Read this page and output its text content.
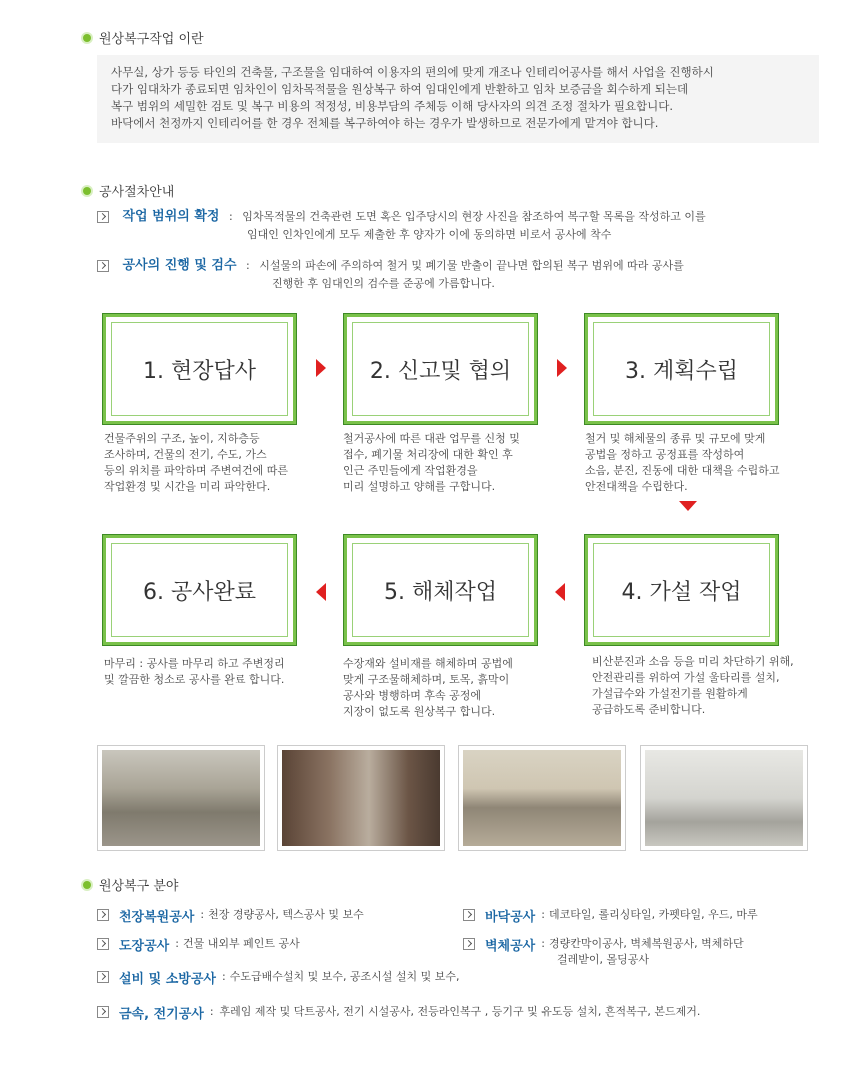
원상복구작업 이란
사무실, 상가 등등 타인의 건축물, 구조물을 임대하여 이용자의 편의에 맞게 개조나 인테리어공사를 해서 사업을 진행하시
다가 임대차가 종료되면 임차인이 임차목적물을 원상복구 하여 임대인에게 반환하고 임차 보증금을 회수하게 되는데
복구 범위의 세밀한 검토 및 복구 비용의 적정성, 비용부담의 주체등 이해 당사자의 의견 조정 절차가 필요합니다.
바닥에서 천정까지 인테리어를 한 경우 전체를 복구하여야 하는 경우가 발생하므로 전문가에게 맡겨야 합니다.
공사절차안내
작업 범위의 확정 : 임차목적물의 건축관련 도면 혹은 입주당시의 현장 사진을 참조하여 복구할 목록을 작성하고 이를
임대인 인차인에게 모두 제출한 후 양자가 이에 동의하면 비로서 공사에 착수
공사의 진행 및 검수 : 시설물의 파손에 주의하여 철거 및 폐기물 반출이 끝나면 합의된 복구 범위에 따라 공사를
진행한 후 임대인의 검수를 준공에 가름합니다.
1. 현장답사	2. 신고및 협의	3. 계획수립
건물주위의 구조, 높이, 지하층등
조사하며, 건물의 전기, 수도, 가스
등의 위치를 파악하며 주변여건에 따른
작업환경 및 시간을 미리 파악한다.
철거공사에 따른 대관 업무를 신청 및
접수, 폐기물 처리장에 대한 확인 후
인근 주민들에게 작업환경을
미리 설명하고 양해를 구합니다.
철거 및 해체물의 종류 및 규모에 맞게
공법을 정하고 공정표를 작성하여
소음, 분진, 진동에 대한 대책을 수립하고
안전대책을 수립한다.
6. 공사완료	5. 해체작업	4. 가설 작업
마무리 : 공사를 마무리 하고 주변정리
및 깔끔한 청소로 공사를 완료 합니다.
수장재와 설비재를 해체하며 공법에
맞게 구조물해체하며, 토목, 흙막이
공사와 병행하며 후속 공정에
지장이 없도록 원상복구 합니다.
비산분진과 소음 등을 미리 차단하기 위해,
안전관리를 위하여 가설 울타리를 설치,
가설급수와 가설전기를 원활하게
공급하도록 준비합니다.
원상복구 분야
천장복원공사 : 천장 경량공사, 텍스공사 및 보수	바닥공사 : 데코타일, 롤리싱타일, 카펫타일, 우드, 마루
도장공사 : 건물 내외부 페인트 공사	벽체공사 : 경량칸막이공사, 벽체복원공사, 벽체하단
걸레받이, 몰딩공사
설비 및 소방공사 : 수도급배수설치 및 보수, 공조시설 설치 및 보수,
금속, 전기공사 : 후레임 제작 및 닥트공사, 전기 시설공사, 전등라인복구 , 등기구 및 유도등 설치, 흔적복구, 본드제거.
